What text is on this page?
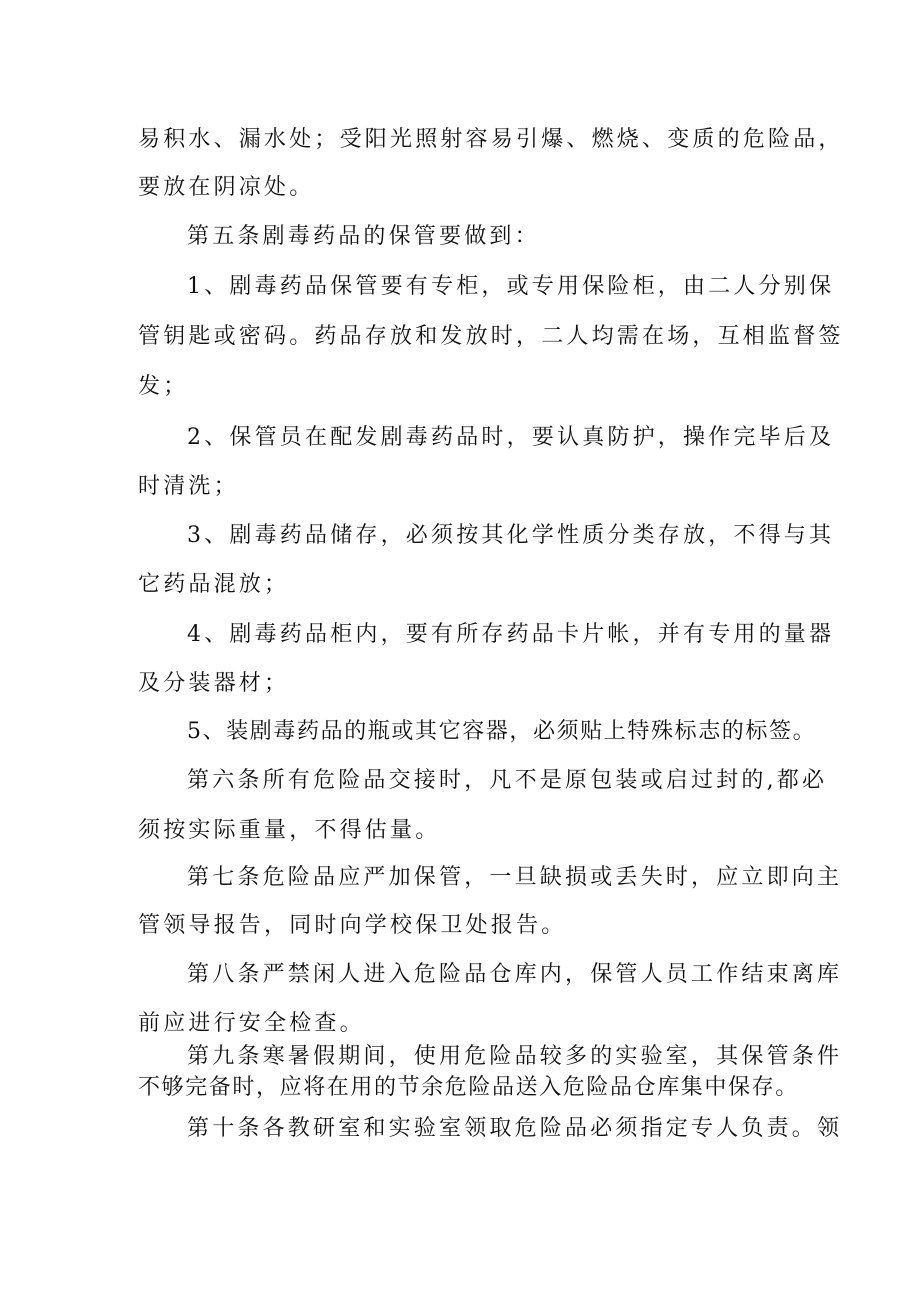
易积水、漏水处；受阳光照射容易引爆、燃烧、变质的危险品，
要放在阴凉处。
第五条剧毒药品的保管要做到：
1、剧毒药品保管要有专柜，或专用保险柜，由二人分别保
管钥匙或密码。药品存放和发放时，二人均需在场，互相监督签
发；
2、保管员在配发剧毒药品时，要认真防护，操作完毕后及
时清洗；
3、剧毒药品储存，必须按其化学性质分类存放，不得与其
它药品混放；
4、剧毒药品柜内，要有所存药品卡片帐，并有专用的量器
及分装器材；
5、装剧毒药品的瓶或其它容器，必须贴上特殊标志的标签。
第六条所有危险品交接时，凡不是原包装或启过封的,都必
须按实际重量，不得估量。
第七条危险品应严加保管，一旦缺损或丢失时，应立即向主
管领导报告，同时向学校保卫处报告。
第八条严禁闲人进入危险品仓库内，保管人员工作结束离库
前应进行安全检查。
第九条寒暑假期间，使用危险品较多的实验室，其保管条件
不够完备时，应将在用的节余危险品送入危险品仓库集中保存。
第十条各教研室和实验室领取危险品必须指定专人负责。领
